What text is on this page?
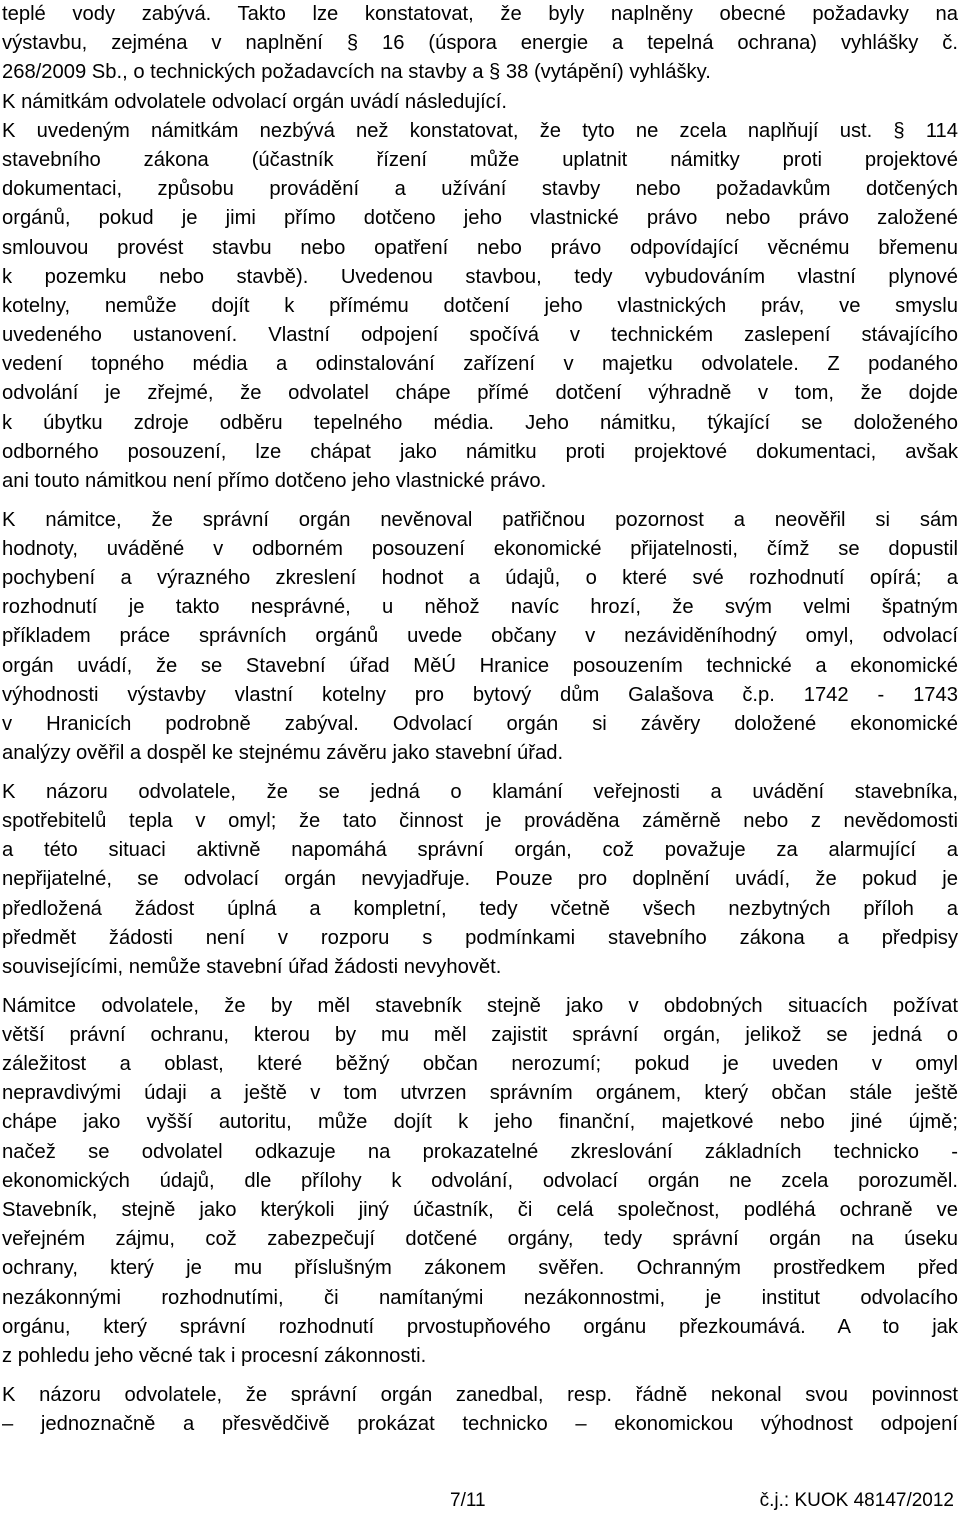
teplé vody zabývá. Takto lze konstatovat, že byly naplněny obecné požadavky na
výstavbu, zejména v naplnění § 16 (úspora energie a tepelná ochrana) vyhlášky č.
268/2009 Sb., o technických požadavcích na stavby a § 38 (vytápění) vyhlášky.
K námitkám odvolatele odvolací orgán uvádí následující.
K uvedeným námitkám nezbývá než konstatovat, že tyto ne zcela naplňují ust. § 114
stavebního zákona (účastník řízení může uplatnit námitky proti projektové
dokumentaci, způsobu provádění a užívání stavby nebo požadavkům dotčených
orgánů, pokud je jimi přímo dotčeno jeho vlastnické právo nebo právo založené
smlouvou provést stavbu nebo opatření nebo právo odpovídající věcnému břemenu
k pozemku nebo stavbě). Uvedenou stavbou, tedy vybudováním vlastní plynové
kotelny, nemůže dojít k přímému dotčení jeho vlastnických práv, ve smyslu
uvedeného ustanovení. Vlastní odpojení spočívá v technickém zaslepení stávajícího
vedení topného média a odinstalování zařízení v majetku odvolatele. Z podaného
odvolání je zřejmé, že odvolatel chápe přímé dotčení výhradně v tom, že dojde
k úbytku zdroje odběru tepelného média. Jeho námitku, týkající se doloženého
odborného posouzení, lze chápat jako námitku proti projektové dokumentaci, avšak
ani touto námitkou není přímo dotčeno jeho vlastnické právo.
K námitce, že správní orgán nevěnoval patřičnou pozornost a neověřil si sám
hodnoty, uváděné v odborném posouzení ekonomické přijatelnosti, čímž se dopustil
pochybení a výrazného zkreslení hodnot a údajů, o které své rozhodnutí opírá; a
rozhodnutí je takto nesprávné, u něhož navíc hrozí, že svým velmi špatným
příkladem práce správních orgánů uvede občany v nezáviděníhodný omyl, odvolací
orgán uvádí, že se Stavební úřad MěÚ Hranice posouzením technické a ekonomické
výhodnosti výstavby vlastní kotelny pro bytový dům Galašova č.p. 1742 - 1743
v Hranicích podrobně zabýval. Odvolací orgán si závěry doložené ekonomické
analýzy ověřil a dospěl ke stejnému závěru jako stavební úřad.
K názoru odvolatele, že se jedná o klamání veřejnosti a uvádění stavebníka,
spotřebitelů tepla v omyl; že tato činnost je prováděna záměrně nebo z nevědomosti
a této situaci aktivně napomáhá správní orgán, což považuje za alarmující a
nepřijatelné, se odvolací orgán nevyjadřuje. Pouze pro doplnění uvádí, že pokud je
předložená žádost úplná a kompletní, tedy včetně všech nezbytných příloh a
předmět žádosti není v rozporu s podmínkami stavebního zákona a předpisy
souvisejícími, nemůže stavební úřad žádosti nevyhovět.
Námitce odvolatele, že by měl stavebník stejně jako v obdobných situacích požívat
větší právní ochranu, kterou by mu měl zajistit správní orgán, jelikož se jedná o
záležitost a oblast, které běžný občan nerozumí; pokud je uveden v omyl
nepravdivými údaji a ještě v tom utvrzen správním orgánem, který občan stále ještě
chápe jako vyšší autoritu, může dojít k jeho finanční, majetkové nebo jiné újmě;
načež se odvolatel odkazuje na prokazatelné zkreslování základních technicko -
ekonomických údajů, dle přílohy k odvolání, odvolací orgán ne zcela porozuměl.
Stavebník, stejně jako kterýkoli jiný účastník, či celá společnost, podléhá ochraně ve
veřejném zájmu, což zabezpečují dotčené orgány, tedy správní orgán na úseku
ochrany, který je mu příslušným zákonem svěřen. Ochranným prostředkem před
nezákonnými rozhodnutími, či namítanými nezákonnostmi, je institut odvolacího
orgánu, který správní rozhodnutí prvostupňového orgánu přezkoumává. A to jak
z pohledu jeho věcné tak i procesní zákonnosti.
K názoru odvolatele, že správní orgán zanedbal, resp. řádně nekonal svou povinnost
– jednoznačně a přesvědčivě prokázat technicko – ekonomickou výhodnost odpojení
7/11	č.j.: KUOK 48147/2012
